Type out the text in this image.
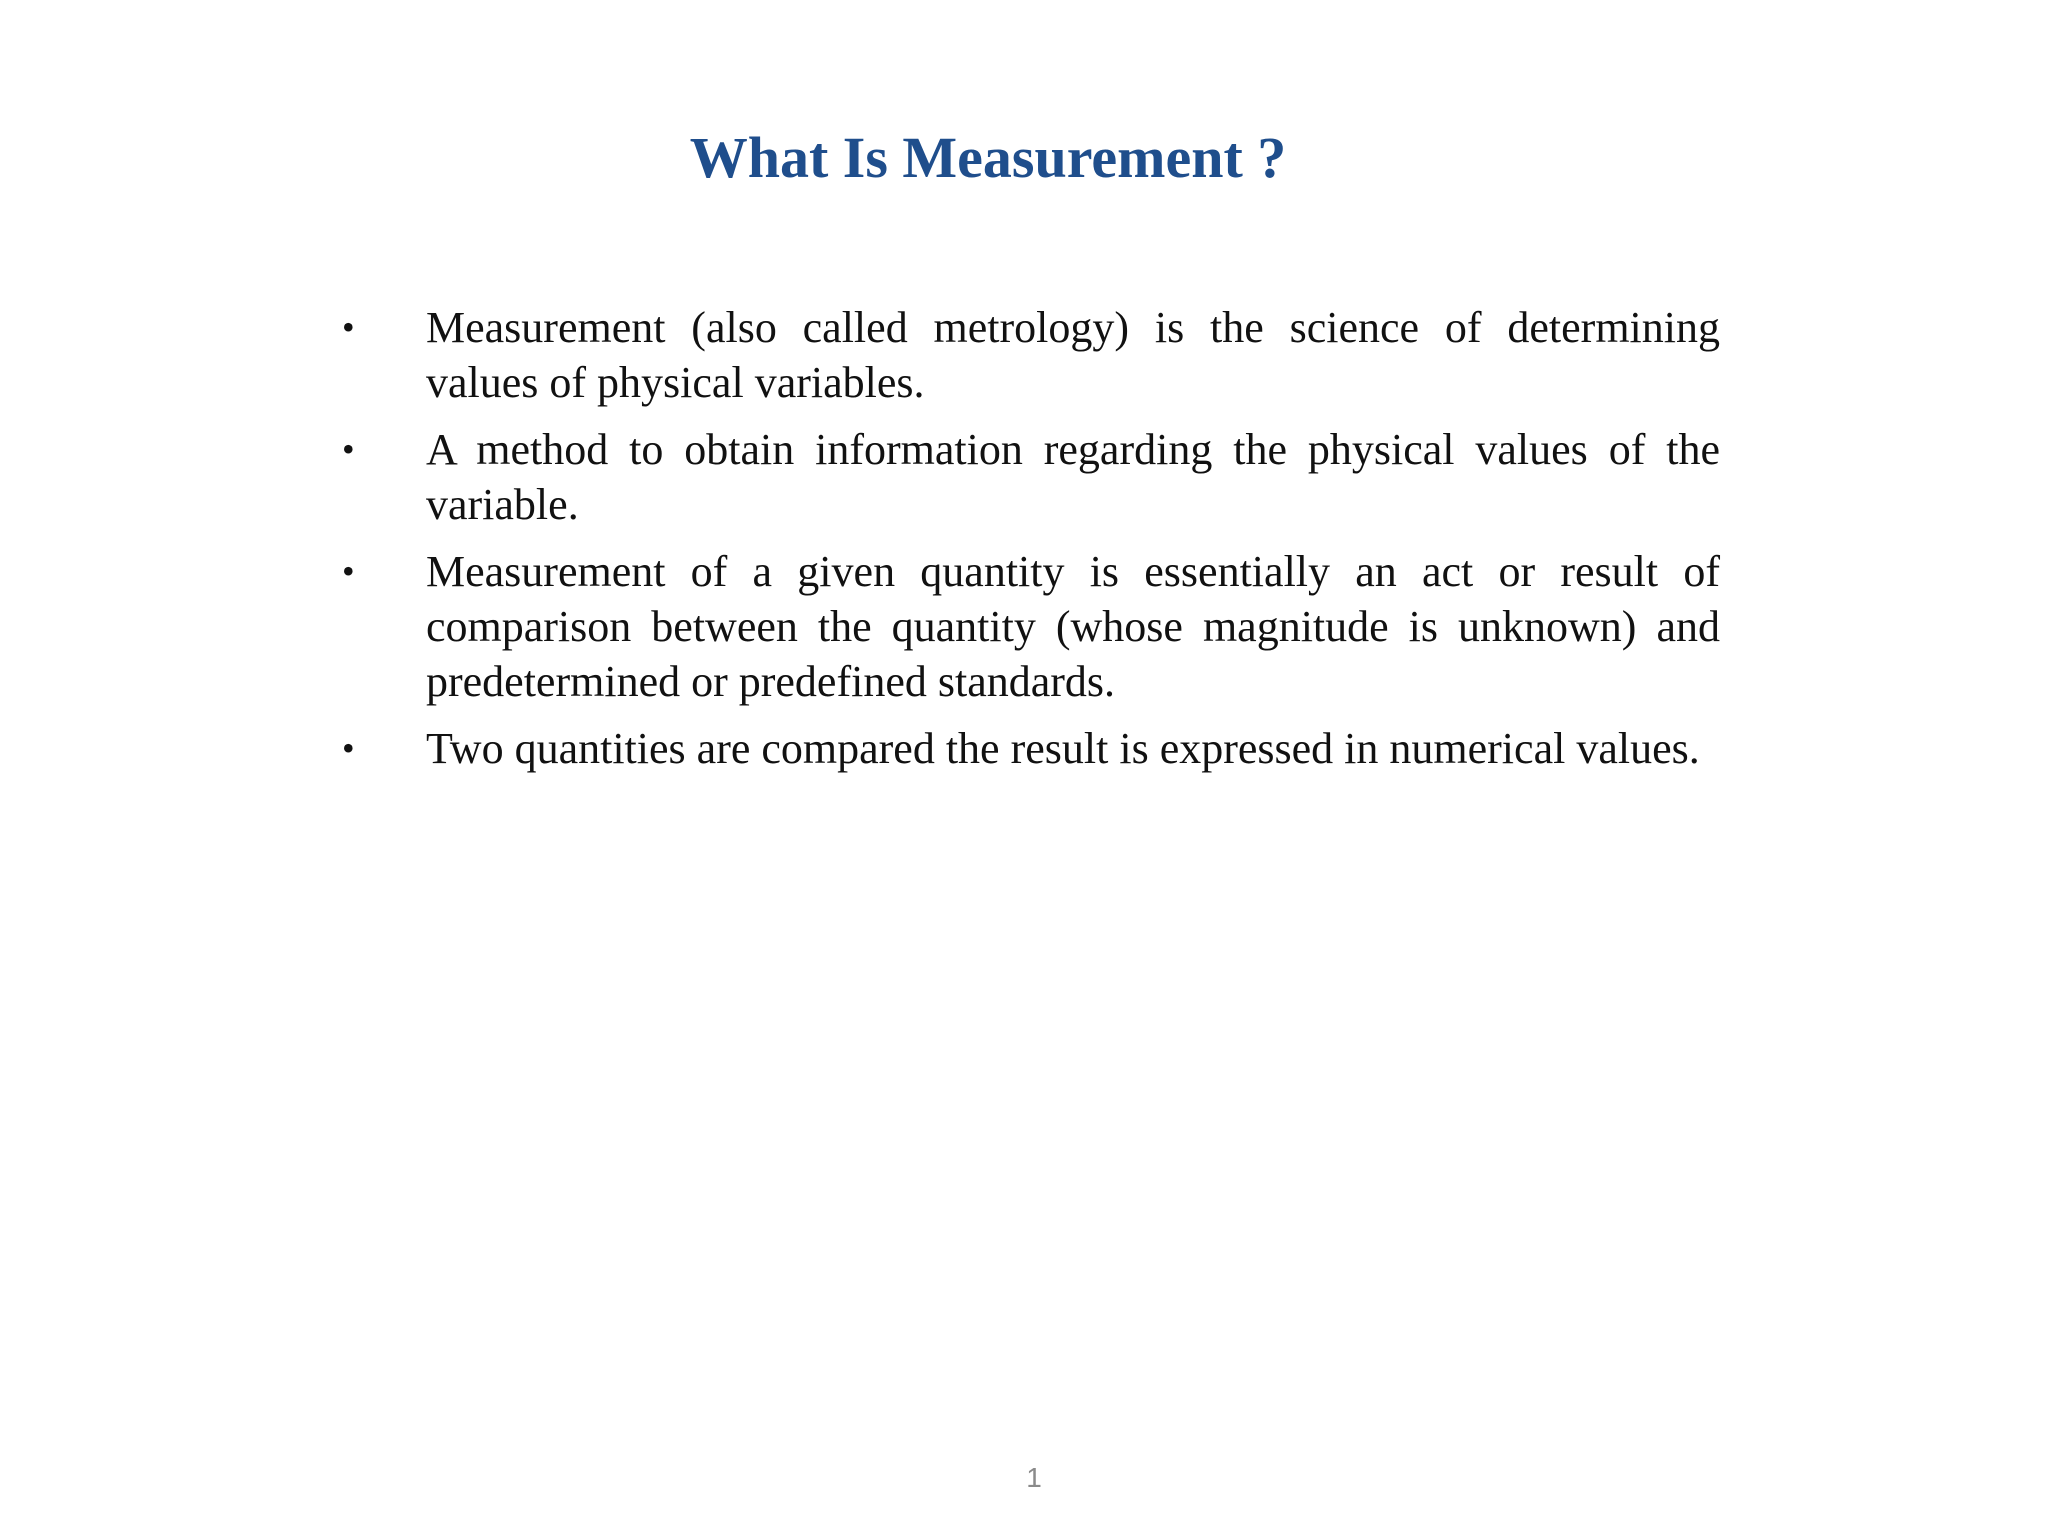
What Is Measurement ?
• Measurement (also called metrology) is the science of determining values of physical variables.
• A method to obtain information regarding the physical values of the variable.
• Measurement of a given quantity is essentially an act or result of comparison between the quantity (whose magnitude is unknown) and predetermined or predefined standards.
• Two quantities are compared the result is expressed in numerical values.
1
